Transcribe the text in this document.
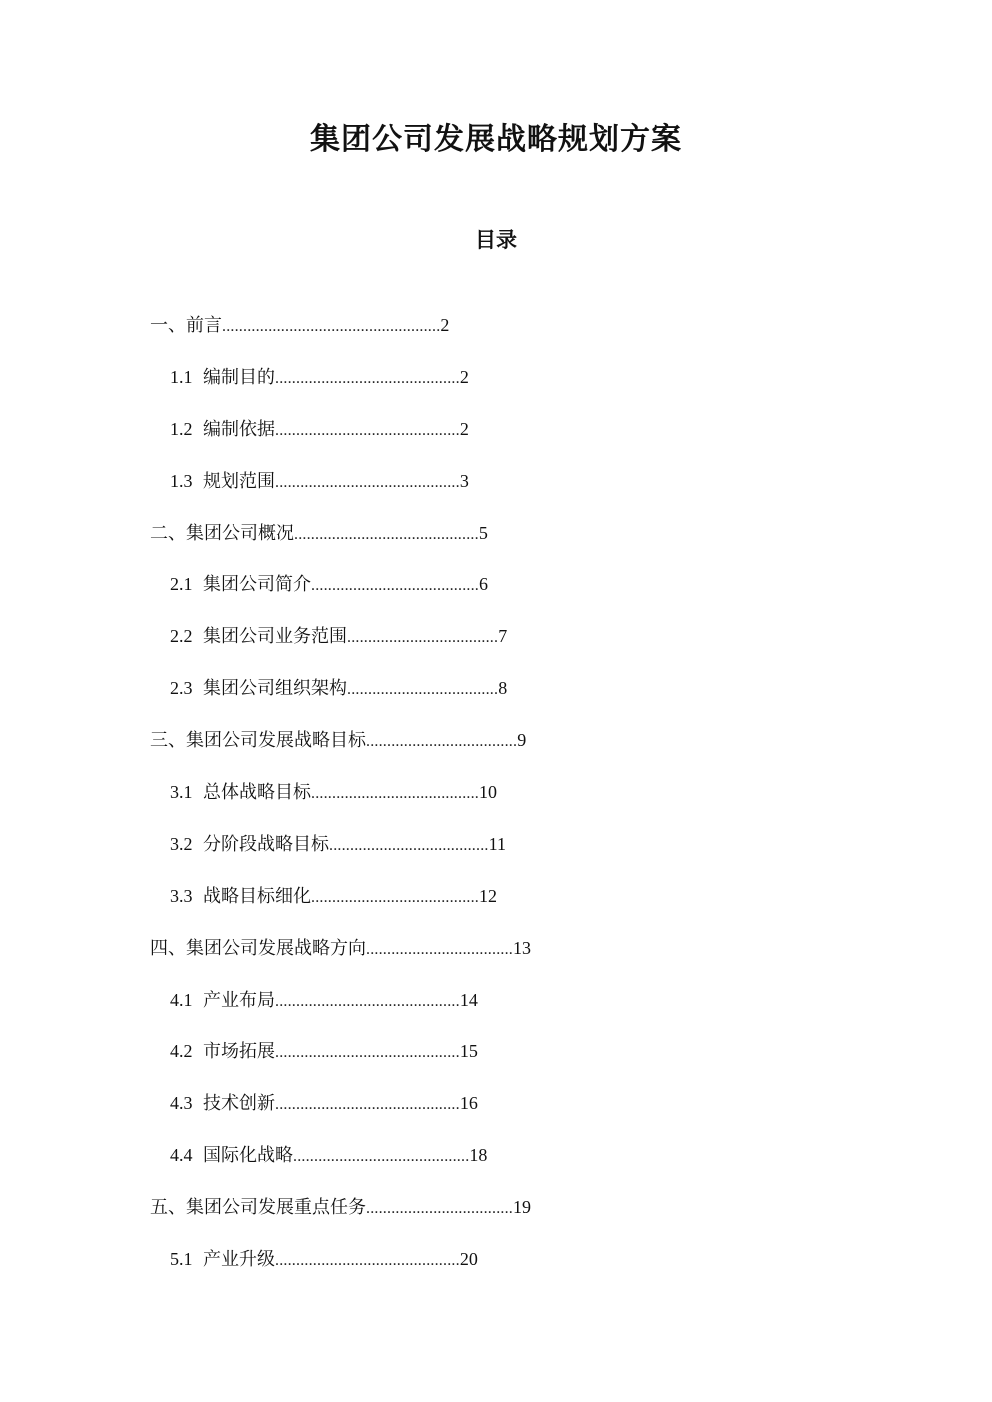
集团公司发展战略规划方案
目录
一、前言 .................................................... 2
1.1 编制目的 ............................................ 2
1.2 编制依据 ............................................ 2
1.3 规划范围 ............................................ 3
二、集团公司概况 ............................................ 5
2.1 集团公司简介 ........................................ 6
2.2 集团公司业务范围 .................................... 7
2.3 集团公司组织架构 .................................... 8
三、集团公司发展战略目标 .................................... 9
3.1 总体战略目标 ........................................ 10
3.2 分阶段战略目标 ...................................... 11
3.3 战略目标细化 ........................................ 12
四、集团公司发展战略方向 ................................... 13
4.1 产业布局 ............................................ 14
4.2 市场拓展 ............................................ 15
4.3 技术创新 ............................................ 16
4.4 国际化战略 .......................................... 18
五、集团公司发展重点任务 ................................... 19
5.1 产业升级 ............................................ 20
